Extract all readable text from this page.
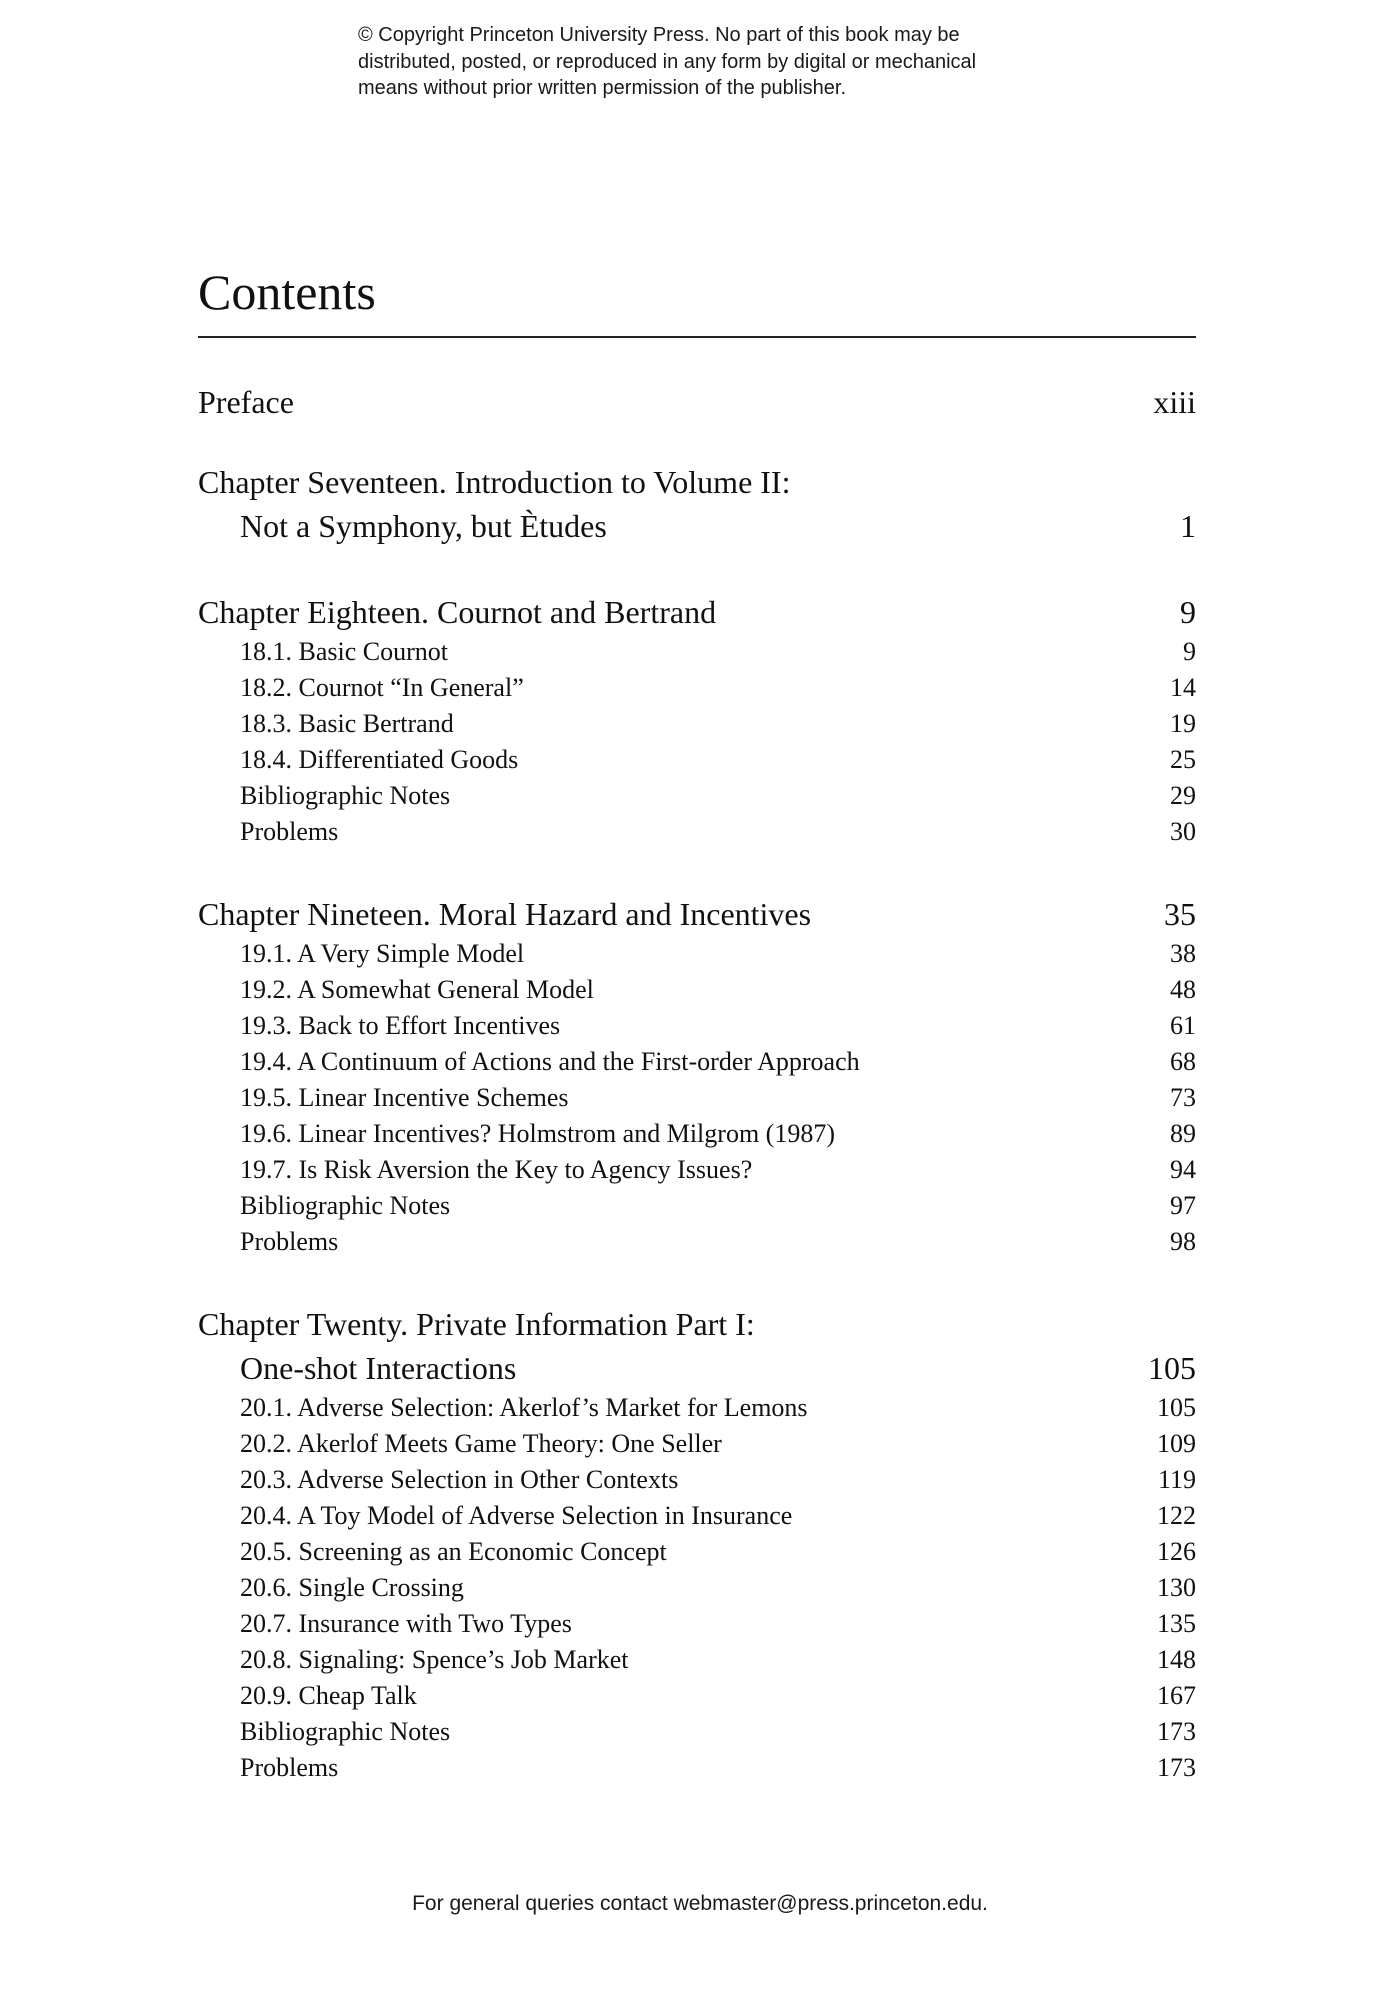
© Copyright Princeton University Press. No part of this book may be
distributed, posted, or reproduced in any form by digital or mechanical
means without prior written permission of the publisher.
Contents
Preface	xiii
Chapter Seventeen. Introduction to Volume II:
Not a Symphony, but Ètudes	1
Chapter Eighteen. Cournot and Bertrand	9
18.1. Basic Cournot	9
18.2. Cournot “In General”	14
18.3. Basic Bertrand	19
18.4. Differentiated Goods	25
Bibliographic Notes	29
Problems	30
Chapter Nineteen. Moral Hazard and Incentives	35
19.1. A Very Simple Model	38
19.2. A Somewhat General Model	48
19.3. Back to Effort Incentives	61
19.4. A Continuum of Actions and the First-order Approach	68
19.5. Linear Incentive Schemes	73
19.6. Linear Incentives? Holmstrom and Milgrom (1987)	89
19.7. Is Risk Aversion the Key to Agency Issues?	94
Bibliographic Notes	97
Problems	98
Chapter Twenty. Private Information Part I:
One-shot Interactions	105
20.1. Adverse Selection: Akerlof’s Market for Lemons	105
20.2. Akerlof Meets Game Theory: One Seller	109
20.3. Adverse Selection in Other Contexts	119
20.4. A Toy Model of Adverse Selection in Insurance	122
20.5. Screening as an Economic Concept	126
20.6. Single Crossing	130
20.7. Insurance with Two Types	135
20.8. Signaling: Spence’s Job Market	148
20.9. Cheap Talk	167
Bibliographic Notes	173
Problems	173
For general queries contact webmaster@press.princeton.edu.
